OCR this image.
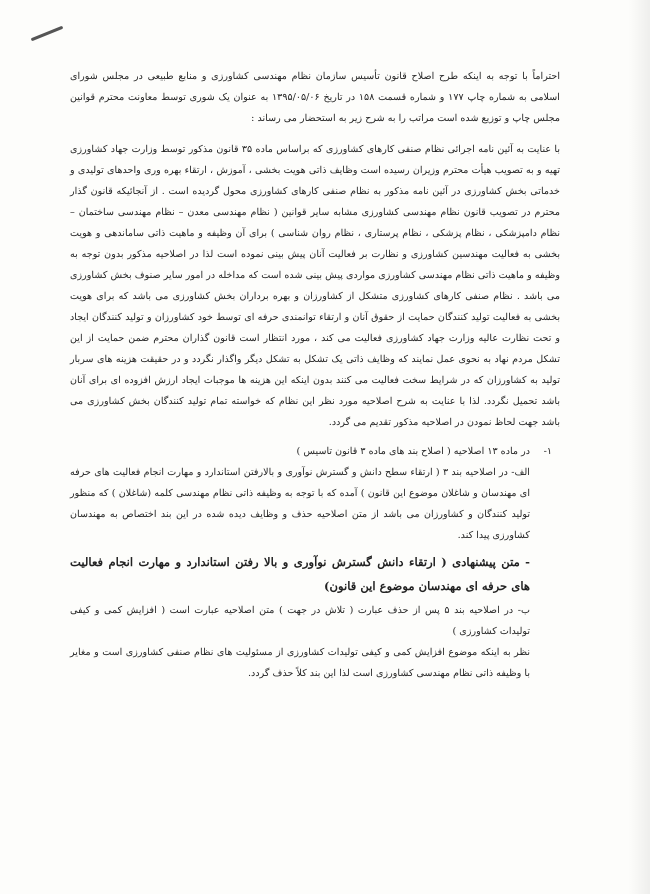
احتراماً با توجه به اینکه طرح اصلاح قانون تأسیس سازمان نظام مهندسی کشاورزی و منابع طبیعی در مجلس شورای اسلامی به شماره چاپ ۱۷۷ و شماره قسمت ۱۵۸ در تاریخ ۱۳۹۵/۰۵/۰۶ به عنوان یک شوری توسط معاونت محترم قوانین مجلس چاپ و توزیع شده است مراتب را به شرح زیر به استحضار می رساند :

با عنایت به آئین نامه اجرائی نظام صنفی کارهای کشاورزی که براساس ماده ۳۵ قانون مذکور توسط وزارت جهاد کشاورزی تهیه و به تصویب هیأت محترم وزیران رسیده است وظایف ذاتی هویت بخشی ، آموزش ، ارتقاء بهره وری واحدهای تولیدی و خدماتی بخش کشاورزی در آئین نامه مذکور به نظام صنفی کارهای کشاورزی محول گردیده است . از آنجائیکه قانون گذار محترم در تصویب قانون نظام مهندسی کشاورزی مشابه سایر قوانین ( نظام مهندسی معدن – نظام مهندسی ساختمان – نظام دامپزشکی ، نظام پزشکی ، نظام پرستاری ، نظام روان شناسی ) برای آن وظیفه و ماهیت ذاتی ساماندهی و هویت بخشی به فعالیت مهندسین کشاورزی و نظارت بر فعالیت آنان پیش بینی نموده است لذا در اصلاحیه مذکور بدون توجه به وظیفه و ماهیت ذاتی نظام مهندسی کشاورزی مواردی پیش بینی شده است که مداخله در امور سایر صنوف بخش کشاورزی می باشد . نظام صنفی کارهای کشاورزی متشکل از کشاورزان و بهره برداران بخش کشاورزی می باشد که برای هویت بخشی به فعالیت تولید کنندگان حمایت از حقوق آنان و ارتقاء توانمندی حرفه ای توسط خود کشاورزان و تولید کنندگان ایجاد و تحت نظارت عالیه وزارت جهاد کشاورزی فعالیت می کند ، مورد انتظار است قانون گذاران محترم ضمن حمایت از این تشکل مردم نهاد به نحوی عمل نمایند که وظایف ذاتی یک تشکل به تشکل دیگر واگذار نگردد و در حقیقت هزینه های سربار تولید به کشاورزان که در شرایط سخت فعالیت می کنند بدون اینکه این هزینه ها موجبات ایجاد ارزش افزوده ای برای آنان باشد تحمیل نگردد. لذا با عنایت به شرح اصلاحیه مورد نظر این نظام که خواسته تمام تولید کنندگان بخش کشاورزی می باشد جهت لحاظ نمودن در اصلاحیه مذکور تقدیم می گردد.

۱-

در ماده ۱۳ اصلاحیه ( اصلاح بند های ماده ۳ قانون تاسیس )

الف- در اصلاحیه بند ۳ ( ارتقاء سطح دانش و گسترش نوآوری و بالارفتن استاندارد و مهارت انجام فعالیت های حرفه ای مهندسان و شاغلان موضوع این قانون ) آمده که با توجه به وظیفه ذاتی نظام مهندسی کلمه (شاغلان ) که منظور تولید کنندگان و کشاورزان می باشد از متن اصلاحیه حذف و وظایف دیده شده در این بند اختصاص به مهندسان کشاورزی پیدا کند.

- متن پیشنهادی ( ارتقاء دانش گسترش نوآوری و بالا رفتن استاندارد و مهارت انجام فعالیت های حرفه ای مهندسان موضوع این قانون)

ب- در اصلاحیه بند ۵ پس از حذف عبارت ( تلاش در جهت ) متن اصلاحیه عبارت است ( افزایش کمی و کیفی تولیدات کشاورزی )

نظر به اینکه موضوع افزایش کمی و کیفی تولیدات کشاورزی از مسئولیت های نظام صنفی کشاورزی است و مغایر با وظیفه ذاتی نظام مهندسی کشاورزی است لذا این بند کلاً حذف گردد.
